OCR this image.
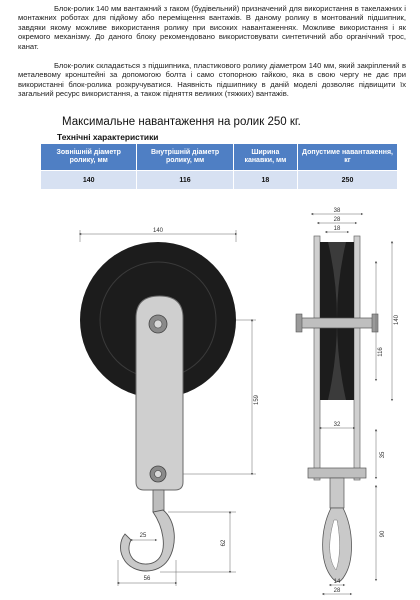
Блок-ролик 140 мм вантажний з гаком (будівельний) призначений для використання в такелажних і монтажних роботах для підйому або переміщення вантажів. В даному ролику в монтований підшипник, завдяки якому можливе використання ролику при високих навантаженнях. Можливе використання і як окремого механізму. До даного блоку рекомендовано використовувати синтетичний або органічний трос, канат.

Блок-ролик складається з підшипника, пластикового ролику діаметром 140 мм, який закріплений в металевому кронштейні за допомогою болта і само стопорною гайкою, яка в свою чергу не дає при використанні блок-ролика розкручуватися. Наявність підшипнику в даній моделі дозволяє підвищити їх загальний ресурс використання, а також підняття великих (тяжких) вантажів.

Максимальне навантаження на ролик 250 кг.
Технічні характеристики
Зовнішній діаметр ролику, мм	Внутрішній діаметр ролику, мм	Ширина канавки, мм	Допустиме навантаження, кг
140	116	18	250
140
159
62
25
56
38
28
18
116
140
32
35
90
14
28
